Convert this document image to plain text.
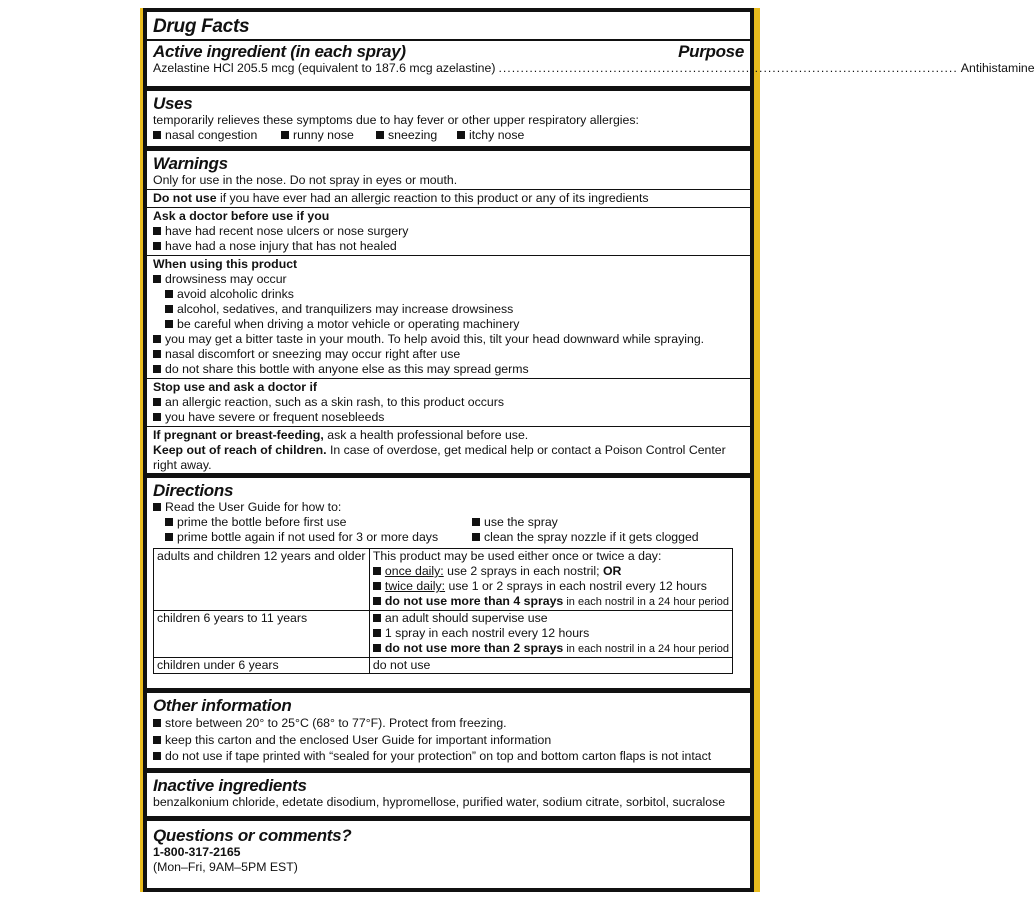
Drug Facts
Active ingredient (in each spray)	Purpose
Azelastine HCl 205.5 mcg (equivalent to 187.6 mcg azelastine) ........................................................................................................ Antihistamine
Uses
temporarily relieves these symptoms due to hay fever or other upper respiratory allergies:
nasal congestion	runny nose	sneezing	itchy nose
Warnings
Only for use in the nose. Do not spray in eyes or mouth.
Do not use if you have ever had an allergic reaction to this product or any of its ingredients
Ask a doctor before use if you
have had recent nose ulcers or nose surgery
have had a nose injury that has not healed
When using this product
drowsiness may occur
avoid alcoholic drinks
alcohol, sedatives, and tranquilizers may increase drowsiness
be careful when driving a motor vehicle or operating machinery
you may get a bitter taste in your mouth. To help avoid this, tilt your head downward while spraying.
nasal discomfort or sneezing may occur right after use
do not share this bottle with anyone else as this may spread germs
Stop use and ask a doctor if
an allergic reaction, such as a skin rash, to this product occurs
you have severe or frequent nosebleeds
If pregnant or breast-feeding, ask a health professional before use.
Keep out of reach of children. In case of overdose, get medical help or contact a Poison Control Center
right away.
Directions
Read the User Guide for how to:
prime the bottle before first use	use the spray
prime bottle again if not used for 3 or more days	clean the spray nozzle if it gets clogged
adults and children 12 years and older	This product may be used either once or twice a day:
once daily: use 2 sprays in each nostril; OR
twice daily: use 1 or 2 sprays in each nostril every 12 hours
do not use more than 4 sprays in each nostril in a 24 hour period

children 6 years to 11 years	an adult should supervise use
1 spray in each nostril every 12 hours
do not use more than 2 sprays in each nostril in a 24 hour period

children under 6 years	do not use
Other information
store between 20° to 25°C (68° to 77°F). Protect from freezing.
keep this carton and the enclosed User Guide for important information
do not use if tape printed with “sealed for your protection” on top and bottom carton flaps is not intact
Inactive ingredients
benzalkonium chloride, edetate disodium, hypromellose, purified water, sodium citrate, sorbitol, sucralose
Questions or comments?
1-800-317-2165
(Mon–Fri, 9AM–5PM EST)
